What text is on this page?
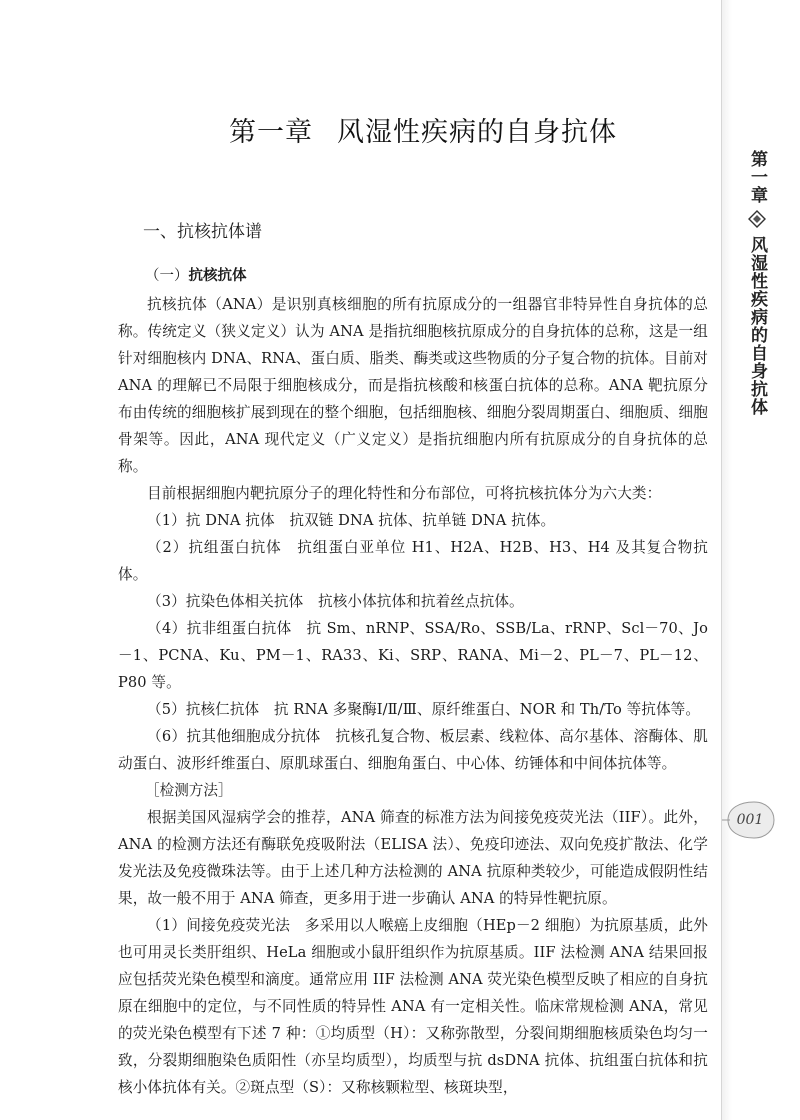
第一章
风湿性疾病的自身抗体
001
第一章 风湿性疾病的自身抗体
一、抗核抗体谱
（一）抗核抗体

抗核抗体（ANA）是识别真核细胞的所有抗原成分的一组器官非特异性自身抗体的总称。传统定义（狭义定义）认为 ANA 是指抗细胞核抗原成分的自身抗体的总称，这是一组针对细胞核内 DNA、RNA、蛋白质、脂类、酶类或这些物质的分子复合物的抗体。目前对 ANA 的理解已不局限于细胞核成分，而是指抗核酸和核蛋白抗体的总称。ANA 靶抗原分布由传统的细胞核扩展到现在的整个细胞，包括细胞核、细胞分裂周期蛋白、细胞质、细胞骨架等。因此，ANA 现代定义（广义定义）是指抗细胞内所有抗原成分的自身抗体的总称。

目前根据细胞内靶抗原分子的理化特性和分布部位，可将抗核抗体分为六大类：

（1）抗 DNA 抗体　抗双链 DNA 抗体、抗单链 DNA 抗体。

（2）抗组蛋白抗体　抗组蛋白亚单位 H1、H2A、H2B、H3、H4 及其复合物抗体。

（3）抗染色体相关抗体　抗核小体抗体和抗着丝点抗体。

（4）抗非组蛋白抗体　抗 Sm、nRNP、SSA/Ro、SSB/La、rRNP、Scl－70、Jo－1、PCNA、Ku、PM－1、RA33、Ki、SRP、RANA、Mi－2、PL－7、PL－12、P80 等。

（5）抗核仁抗体　抗 RNA 多聚酶Ⅰ/Ⅱ/Ⅲ、原纤维蛋白、NOR 和 Th/To 等抗体等。

（6）抗其他细胞成分抗体　抗核孔复合物、板层素、线粒体、高尔基体、溶酶体、肌动蛋白、波形纤维蛋白、原肌球蛋白、细胞角蛋白、中心体、纺锤体和中间体抗体等。

［检测方法］

根据美国风湿病学会的推荐，ANA 筛查的标准方法为间接免疫荧光法（IIF）。此外，ANA 的检测方法还有酶联免疫吸附法（ELISA 法）、免疫印迹法、双向免疫扩散法、化学发光法及免疫微珠法等。由于上述几种方法检测的 ANA 抗原种类较少，可能造成假阴性结果，故一般不用于 ANA 筛查，更多用于进一步确认 ANA 的特异性靶抗原。

（1）间接免疫荧光法　多采用以人喉癌上皮细胞（HEp－2 细胞）为抗原基质，此外也可用灵长类肝组织、HeLa 细胞或小鼠肝组织作为抗原基质。IIF 法检测 ANA 结果回报应包括荧光染色模型和滴度。通常应用 IIF 法检测 ANA 荧光染色模型反映了相应的自身抗原在细胞中的定位，与不同性质的特异性 ANA 有一定相关性。临床常规检测 ANA，常见的荧光染色模型有下述 7 种：①均质型（H）：又称弥散型，分裂间期细胞核质染色均匀一致，分裂期细胞染色质阳性（亦呈均质型），均质型与抗 dsDNA 抗体、抗组蛋白抗体和抗核小体抗体有关。②斑点型（S）：又称核颗粒型、核斑块型，
